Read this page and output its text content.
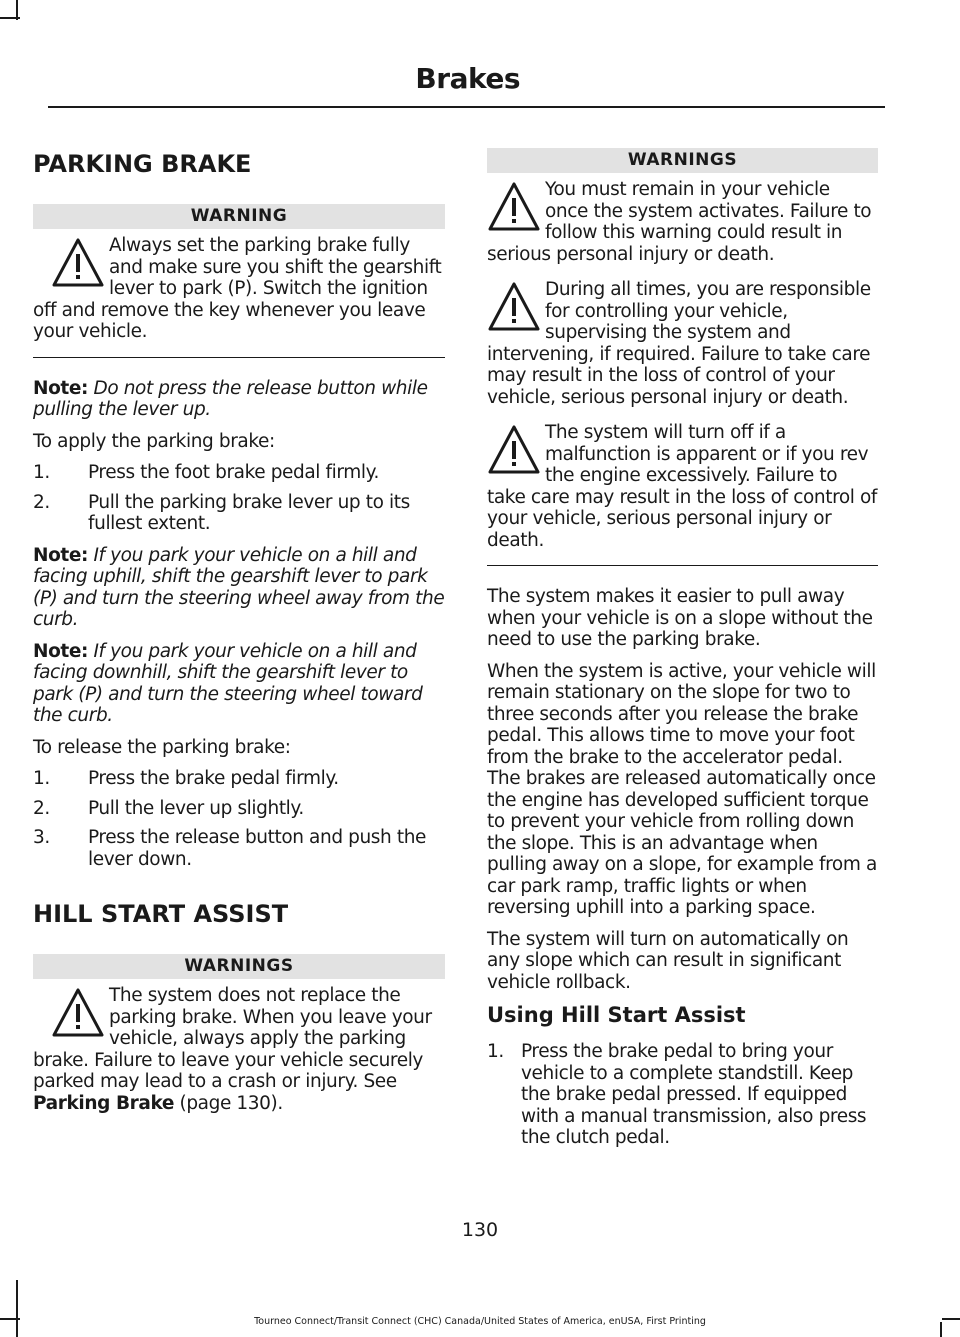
Brakes
PARKING BRAKE
WARNING

Always set the parking brake fully and make sure you shift the gearshift lever to park (P). Switch the ignition off and remove the key whenever you leave your vehicle.

Note: Do not press the release button while pulling the lever up.

To apply the parking brake:

1. Press the foot brake pedal firmly.
2. Pull the parking brake lever up to its fullest extent.

Note: If you park your vehicle on a hill and facing uphill, shift the gearshift lever to park (P) and turn the steering wheel away from the curb.

Note: If you park your vehicle on a hill and facing downhill, shift the gearshift lever to park (P) and turn the steering wheel toward the curb.

To release the parking brake:

1. Press the brake pedal firmly.
2. Pull the lever up slightly.
3. Press the release button and push the lever down.
HILL START ASSIST
WARNINGS

The system does not replace the parking brake. When you leave your vehicle, always apply the parking brake. Failure to leave your vehicle securely parked may lead to a crash or injury. See
Parking Brake (page 130).

WARNINGS

You must remain in your vehicle once the system activates. Failure to follow this warning could result in serious personal injury or death.

During all times, you are responsible for controlling your vehicle, supervising the system and intervening, if required. Failure to take care may result in the loss of control of your vehicle, serious personal injury or death.

The system will turn off if a malfunction is apparent or if you rev the engine excessively. Failure to take care may result in the loss of control of your vehicle, serious personal injury or death.

The system makes it easier to pull away when your vehicle is on a slope without the need to use the parking brake.

When the system is active, your vehicle will remain stationary on the slope for two to three seconds after you release the brake pedal. This allows time to move your foot from the brake to the accelerator pedal. The brakes are released automatically once the engine has developed sufficient torque to prevent your vehicle from rolling down the slope. This is an advantage when pulling away on a slope, for example from a car park ramp, traffic lights or when reversing uphill into a parking space.

The system will turn on automatically on any slope which can result in significant vehicle rollback.

Using Hill Start Assist
1. Press the brake pedal to bring your vehicle to a complete standstill. Keep the brake pedal pressed. If equipped with a manual transmission, also press the clutch pedal.
130
Tourneo Connect/Transit Connect (CHC) Canada/United States of America, enUSA, First Printing
